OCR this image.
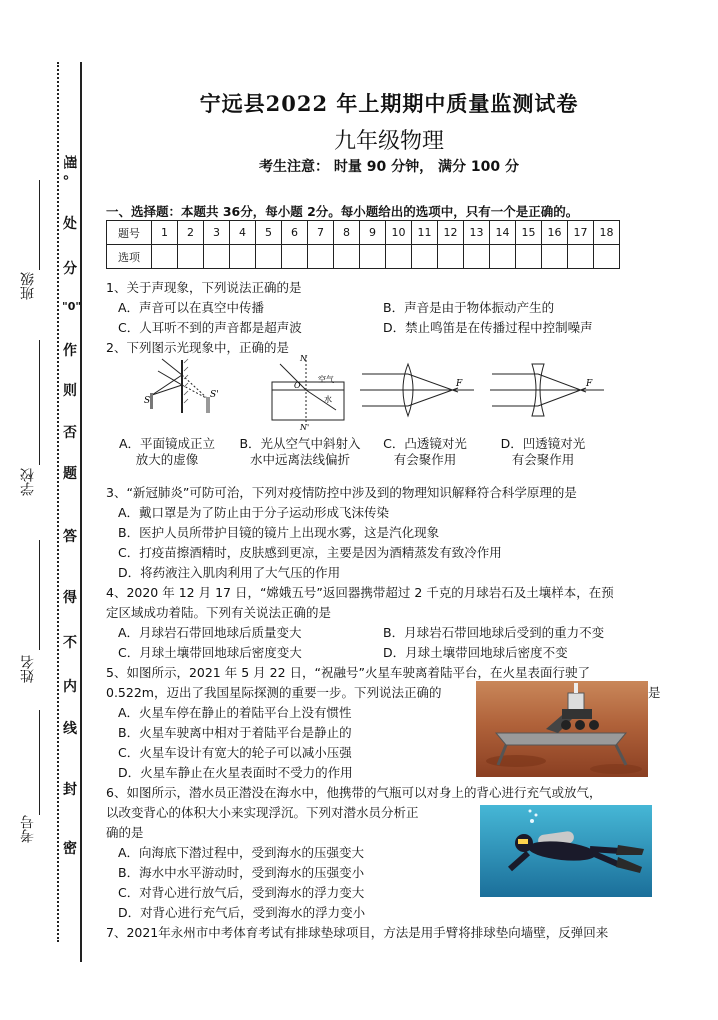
班级
学校
姓名
考号
理
。
处
分
"0"
作
则
否
题
答
得
不
内
线
封
密
宁远县2022 年上期期中质量监测试卷
九年级物理
考生注意： 时量 90 分钟， 满分 100 分
一、选择题：本题共 36分，每小题 2分。每小题给出的选项中，只有一个是正确的。
题号	1	2	3	4	5	6	7	8	9	10	11	12	13	14	15	16	17	18
选项																		
1、关于声现象，下列说法正确的是
A．声音可以在真空中传播	B．声音是由于物体振动产生的
C．人耳听不到的声音都是超声波	D．禁止鸣笛是在传播过程中控制噪声
2、下列图示光现象中，正确的是
S
S'
N
N'
O
空气
水
F	F
A．平面镜成正立
放大的虚像
B．光从空气中斜射入
水中远离法线偏折
C．凸透镜对光
有会聚作用
D．凹透镜对光
有会聚作用
3、“新冠肺炎”可防可治，下列对疫情防控中涉及到的物理知识解释符合科学原理的是
A．戴口罩是为了防止由于分子运动形成飞沫传染
B．医护人员所带护目镜的镜片上出现水雾，这是汽化现象
C．打疫苗擦酒精时，皮肤感到更凉，主要是因为酒精蒸发有致冷作用
D．将药液注入肌肉利用了大气压的作用
4、2020 年 12 月 17 日，“嫦娥五号”返回器携带超过 2 千克的月球岩石及土壤样本，在预
定区域成功着陆。下列有关说法正确的是
A．月球岩石带回地球后质量变大	B．月球岩石带回地球后受到的重力不变
C．月球土壤带回地球后密度变大	D．月球土壤带回地球后密度不变
5、如图所示，2021 年 5 月 22 日，“祝融号”火星车驶离着陆平台，在火星表面行驶了
0.522m，迈出了我国星际探测的重要一步。下列说法正确的	是
A．火星车停在静止的着陆平台上没有惯性
B．火星车驶离中相对于着陆平台是静止的
C．火星车设计有宽大的轮子可以减小压强
D．火星车静止在火星表面时不受力的作用
6、如图所示，潜水员正潜没在海水中，他携带的气瓶可以对身上的背心进行充气或放气，
以改变背心的体积大小来实现浮沉。下列对潜水员分析正
确的是
A．向海底下潜过程中，受到海水的压强变大
B．海水中水平游动时，受到海水的压强变小
C．对背心进行放气后，受到海水的浮力变大
D．对背心进行充气后，受到海水的浮力变小
7、2021年永州市中考体育考试有排球垫球项目，方法是用手臂将排球垫向墙壁，反弹回来
